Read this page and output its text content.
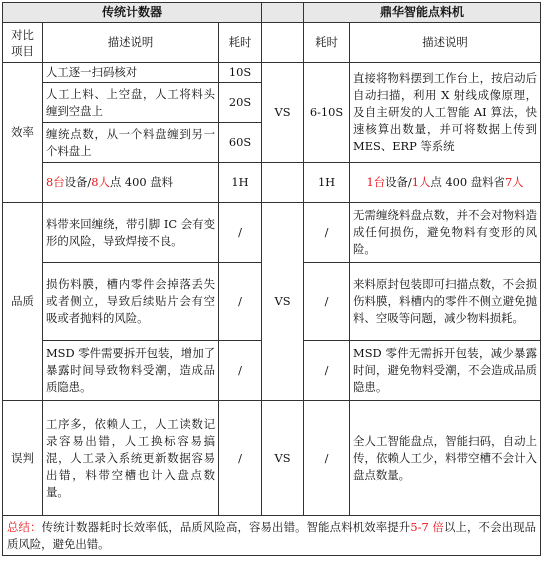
传统计数器				鼎华智能点料机	
对比项目	描述说明	耗时		耗时	描述说明
效率	人工逐一扫码核对	10S	VS	6-10S	直接将物料摆到工作台上，按启动后自动扫描，利用 X 射线成像原理，及自主研发的人工智能 AI 算法，快速核算出数量，并可将数据上传到 MES、ERP 等系统
	人工上料、上空盘，人工将料头缠到空盘上	20S			
	缠统点数，从一个料盘缠到另一个料盘上	60S			
	8台设备/8人点 400 盘料	1H		1H	1台设备/1人点 400 盘料省7人
品质	料带来回缠绕，带引脚 IC 会有变形的风险，导致焊接不良。	/	VS	/	无需缠绕料盘点数，并不会对物料造成任何损伤，避免物料有变形的风险。
	损伤料膜，槽内零件会掉落丢失或者侧立，导致后续贴片会有空吸或者抛料的风险。	/		/	来料原封包装即可扫描点数，不会损伤料膜，料槽内的零件不侧立避免抛料、空吸等问题，减少物料损耗。
	MSD 零件需要拆开包装，增加了暴露时间导致物料受潮，造成品质隐患。	/		/	MSD 零件无需拆开包装，减少暴露时间，避免物料受潮，不会造成品质隐患。
误判	工序多，依赖人工，人工读数记录容易出错，人工换标容易搞混，人工录入系统更新数据容易出错，料带空槽也计入盘点数量。	/	VS	/	全人工智能盘点，智能扫码，自动上传，依赖人工少，料带空槽不会计入盘点数量。
总结：传统计数器耗时长效率低，品质风险高，容易出错。智能点料机效率提升5-7 倍以上，不会出现品质风险，避免出错。					
